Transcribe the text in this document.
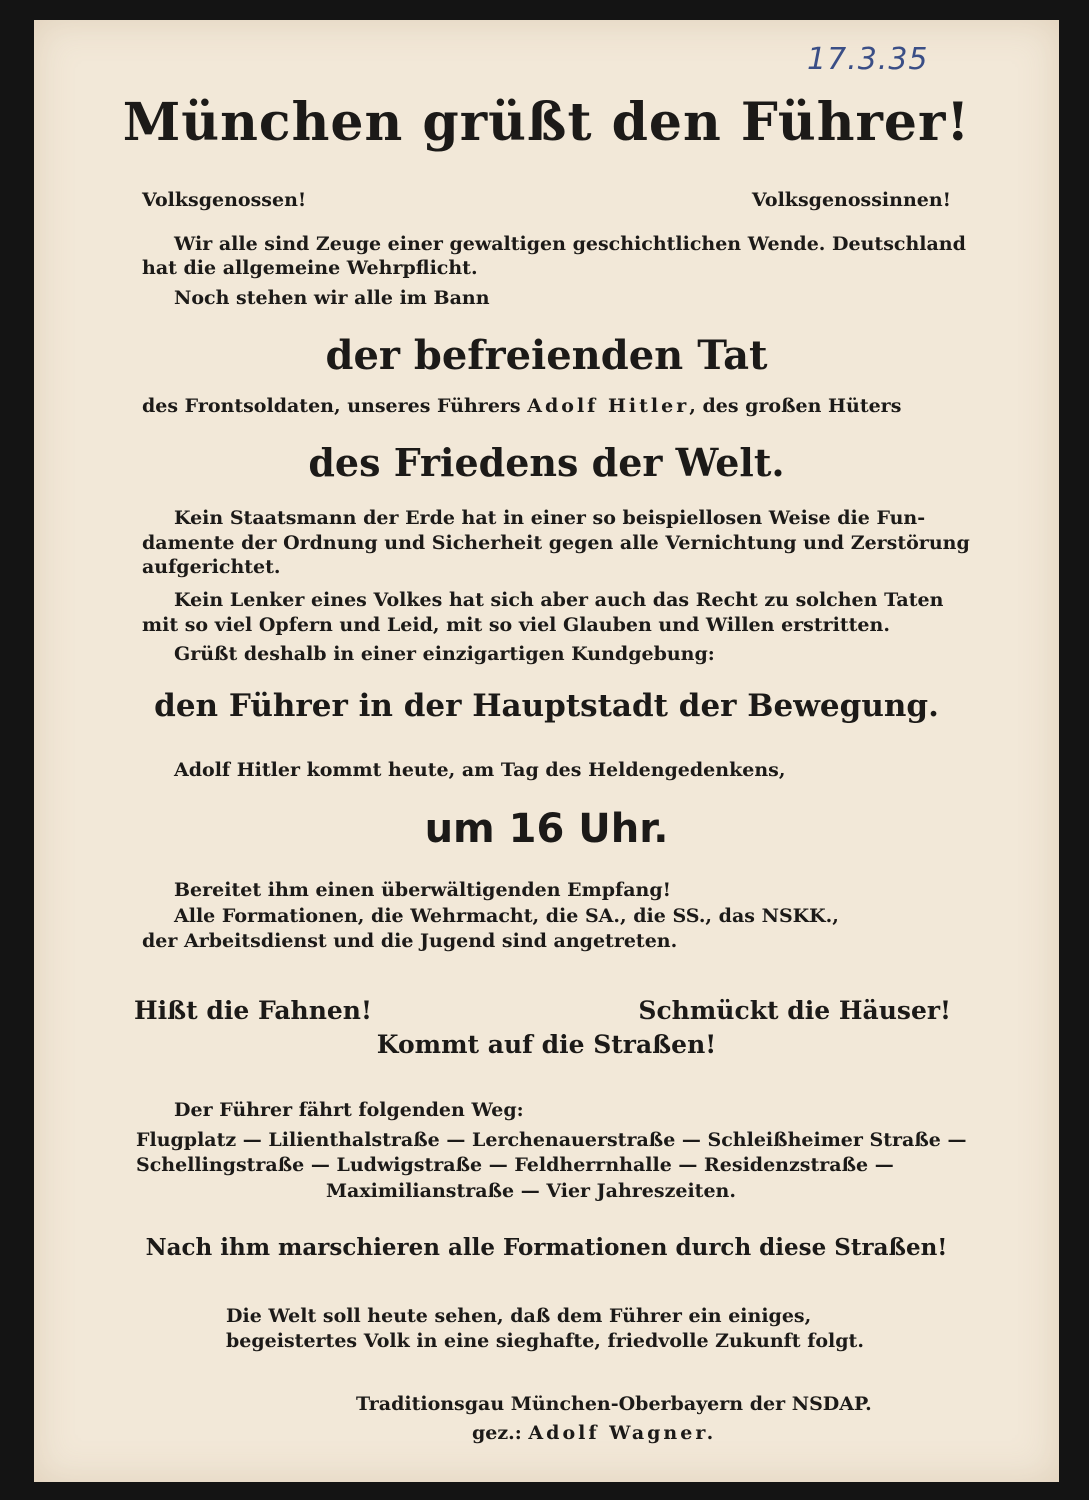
17.3.35
München grüßt den Führer!
Volksgenossen!	Volksgenossinnen!
Wir alle sind Zeuge einer gewaltigen geschichtlichen Wende. Deutschland
hat die allgemeine Wehrpflicht.
Noch stehen wir alle im Bann
der befreienden Tat
des Frontsoldaten, unseres Führers Adolf Hitler, des großen Hüters
des Friedens der Welt.
Kein Staatsmann der Erde hat in einer so beispiellosen Weise die Fun-
damente der Ordnung und Sicherheit gegen alle Vernichtung und Zerstörung
aufgerichtet.
Kein Lenker eines Volkes hat sich aber auch das Recht zu solchen Taten
mit so viel Opfern und Leid, mit so viel Glauben und Willen erstritten.
Grüßt deshalb in einer einzigartigen Kundgebung:
den Führer in der Hauptstadt der Bewegung.
Adolf Hitler kommt heute, am Tag des Heldengedenkens,
um 16 Uhr.
Bereitet ihm einen überwältigenden Empfang!
Alle Formationen, die Wehrmacht, die SA., die SS., das NSKK.,
der Arbeitsdienst und die Jugend sind angetreten.
Hißt die Fahnen!	Schmückt die Häuser!
Kommt auf die Straßen!
Der Führer fährt folgenden Weg:
Flugplatz — Lilienthalstraße — Lerchenauerstraße — Schleißheimer Straße —
Schellingstraße — Ludwigstraße — Feldherrnhalle — Residenzstraße —
Maximilianstraße — Vier Jahreszeiten.
Nach ihm marschieren alle Formationen durch diese Straßen!
Die Welt soll heute sehen, daß dem Führer ein einiges,
begeistertes Volk in eine sieghafte, friedvolle Zukunft folgt.
Traditionsgau München-Oberbayern der NSDAP.
gez.: Adolf Wagner.
